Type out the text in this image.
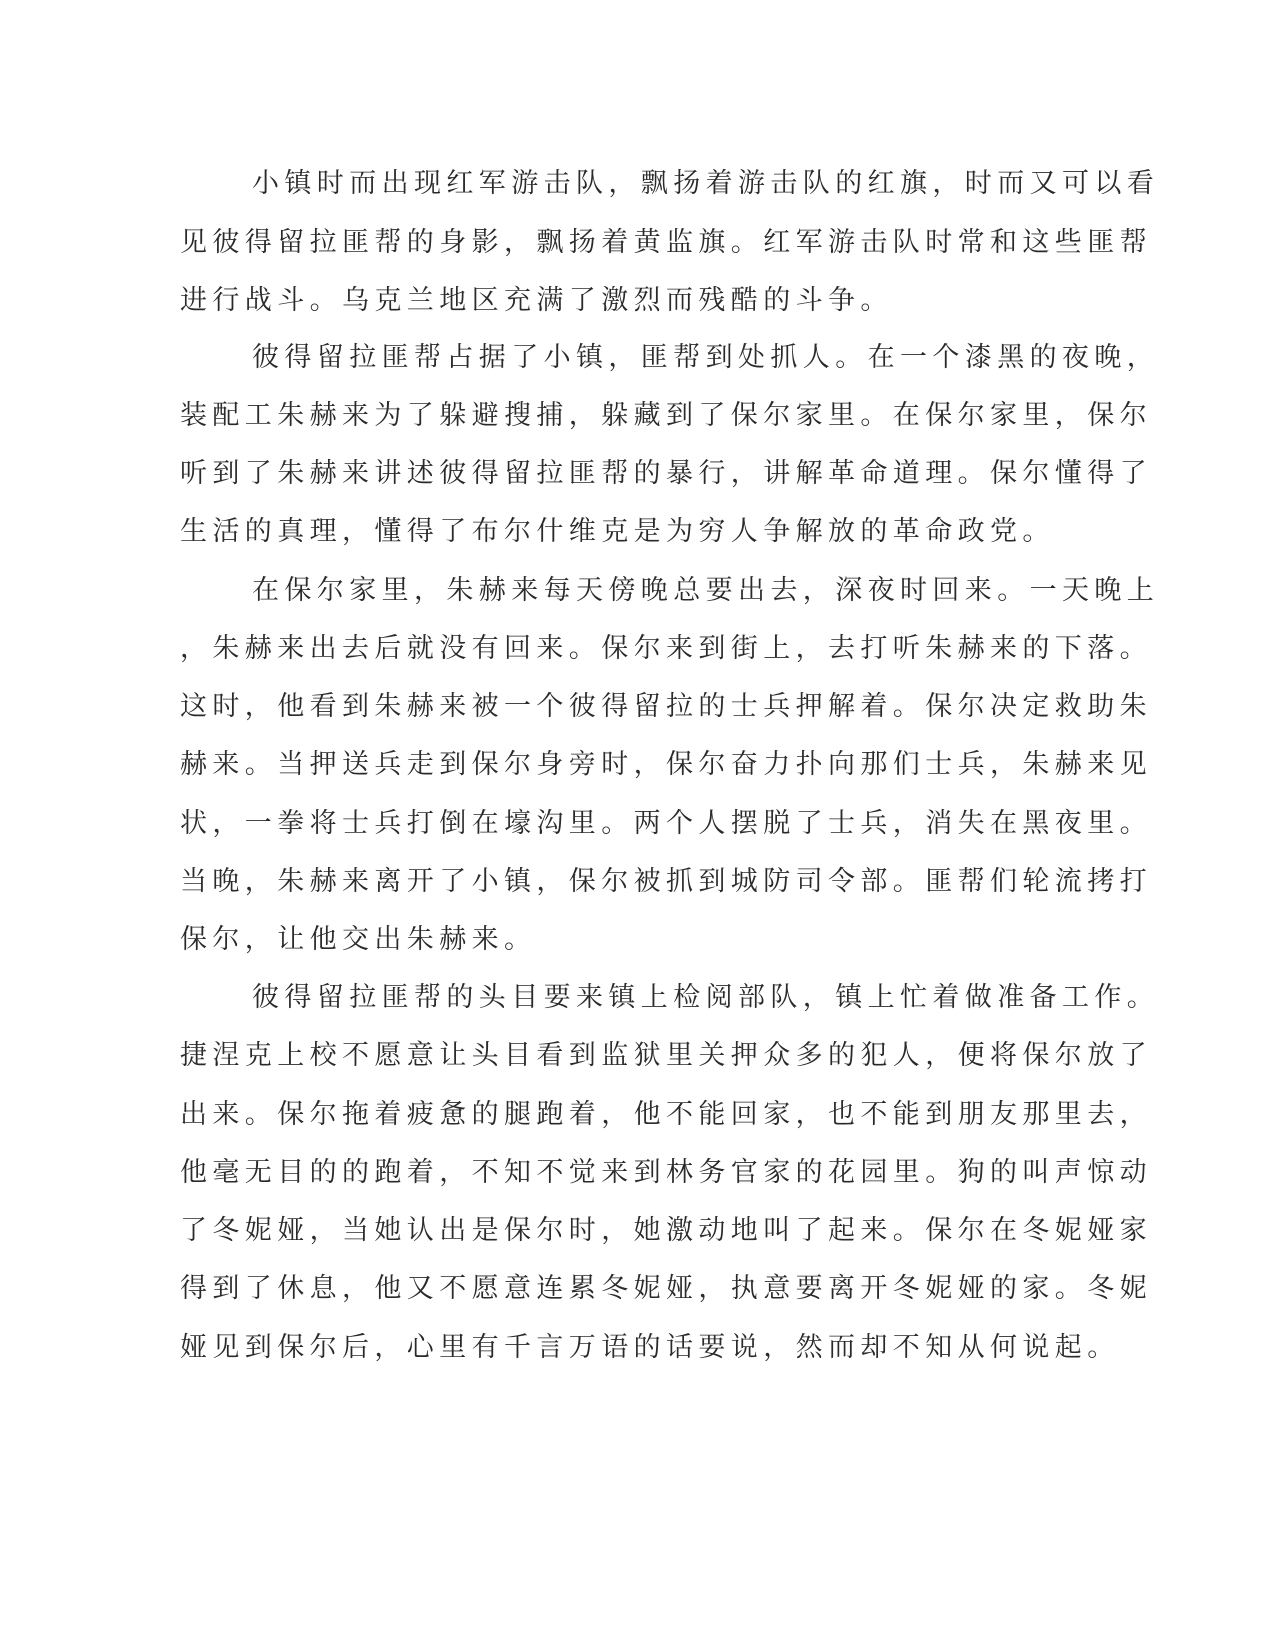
小镇时而出现红军游击队，飘扬着游击队的红旗，时而又可以看

见彼得留拉匪帮的身影，飘扬着黄监旗。红军游击队时常和这些匪帮

进行战斗。乌克兰地区充满了激烈而残酷的斗争。

彼得留拉匪帮占据了小镇，匪帮到处抓人。在一个漆黑的夜晚，

装配工朱赫来为了躲避搜捕，躲藏到了保尔家里。在保尔家里，保尔

听到了朱赫来讲述彼得留拉匪帮的暴行，讲解革命道理。保尔懂得了

生活的真理，懂得了布尔什维克是为穷人争解放的革命政党。

在保尔家里，朱赫来每天傍晚总要出去，深夜时回来。一天晚上

，朱赫来出去后就没有回来。保尔来到街上，去打听朱赫来的下落。

这时，他看到朱赫来被一个彼得留拉的士兵押解着。保尔决定救助朱

赫来。当押送兵走到保尔身旁时，保尔奋力扑向那们士兵，朱赫来见

状，一拳将士兵打倒在壕沟里。两个人摆脱了士兵，消失在黑夜里。

当晚，朱赫来离开了小镇，保尔被抓到城防司令部。匪帮们轮流拷打

保尔，让他交出朱赫来。

彼得留拉匪帮的头目要来镇上检阅部队，镇上忙着做准备工作。

捷涅克上校不愿意让头目看到监狱里关押众多的犯人，便将保尔放了

出来。保尔拖着疲惫的腿跑着，他不能回家，也不能到朋友那里去，

他毫无目的的跑着，不知不觉来到林务官家的花园里。狗的叫声惊动

了冬妮娅，当她认出是保尔时，她激动地叫了起来。保尔在冬妮娅家

得到了休息，他又不愿意连累冬妮娅，执意要离开冬妮娅的家。冬妮

娅见到保尔后，心里有千言万语的话要说，然而却不知从何说起。
